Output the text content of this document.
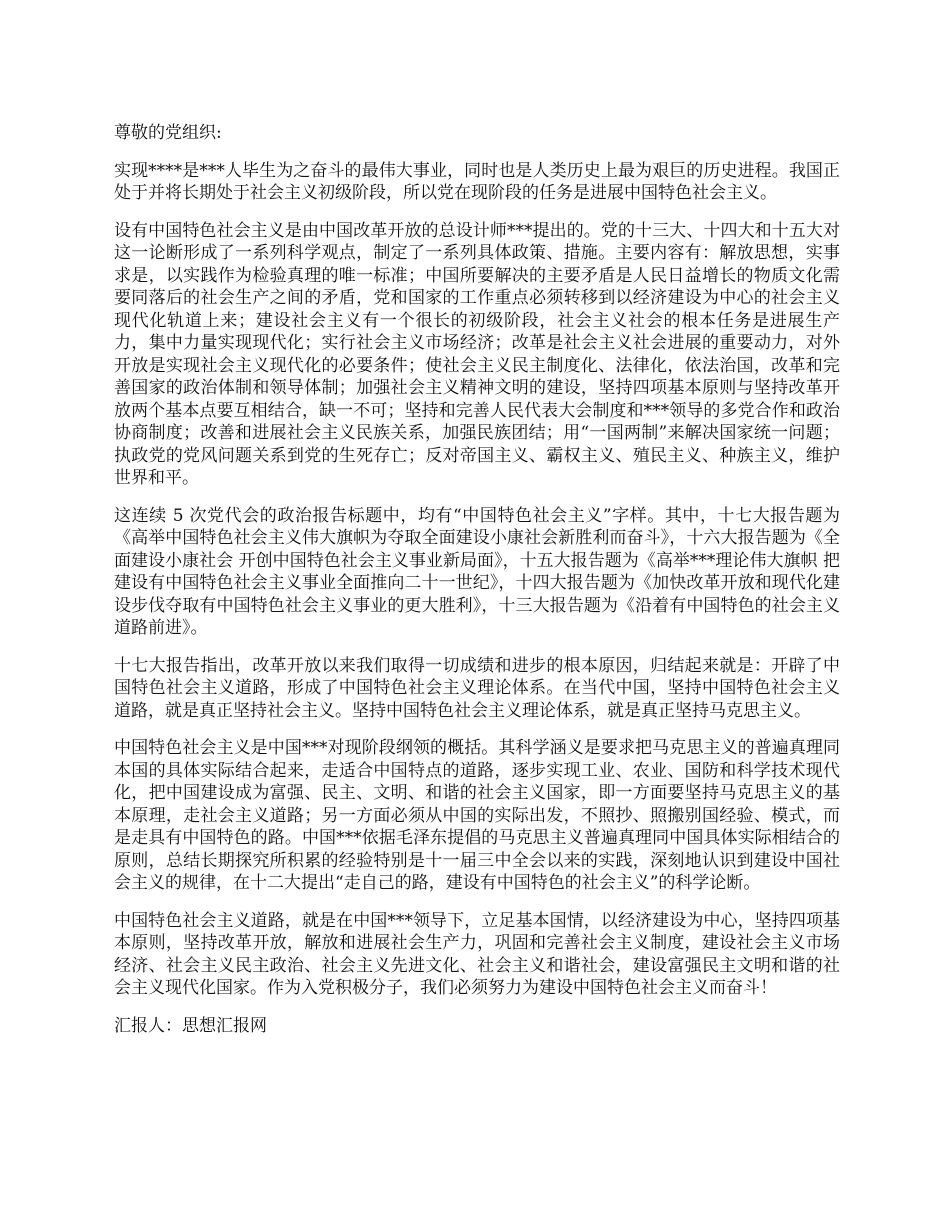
尊敬的党组织:

实现****是***人毕生为之奋斗的最伟大事业，同时也是人类历史上最为艰巨的历史进程。我国正处于并将长期处于社会主义初级阶段，所以党在现阶段的任务是进展中国特色社会主义。

设有中国特色社会主义是由中国改革开放的总设计师***提出的。党的十三大、十四大和十五大对这一论断形成了一系列科学观点，制定了一系列具体政策、措施。主要内容有：解放思想，实事求是，以实践作为检验真理的唯一标准；中国所要解决的主要矛盾是人民日益增长的物质文化需要同落后的社会生产之间的矛盾，党和国家的工作重点必须转移到以经济建设为中心的社会主义现代化轨道上来；建设社会主义有一个很长的初级阶段，社会主义社会的根本任务是进展生产力，集中力量实现现代化；实行社会主义市场经济；改革是社会主义社会进展的重要动力，对外开放是实现社会主义现代化的必要条件；使社会主义民主制度化、法律化，依法治国，改革和完善国家的政治体制和领导体制；加强社会主义精神文明的建设，坚持四项基本原则与坚持改革开放两个基本点要互相结合，缺一不可；坚持和完善人民代表大会制度和***领导的多党合作和政治协商制度；改善和进展社会主义民族关系，加强民族团结；用“一国两制”来解决国家统一问题；执政党的党风问题关系到党的生死存亡；反对帝国主义、霸权主义、殖民主义、种族主义，维护世界和平。

这连续 5 次党代会的政治报告标题中，均有“中国特色社会主义”字样。其中，十七大报告题为《高举中国特色社会主义伟大旗帜为夺取全面建设小康社会新胜利而奋斗》，十六大报告题为《全面建设小康社会 开创中国特色社会主义事业新局面》，十五大报告题为《高举***理论伟大旗帜 把建设有中国特色社会主义事业全面推向二十一世纪》，十四大报告题为《加快改革开放和现代化建设步伐夺取有中国特色社会主义事业的更大胜利》，十三大报告题为《沿着有中国特色的社会主义道路前进》。

十七大报告指出，改革开放以来我们取得一切成绩和进步的根本原因，归结起来就是：开辟了中国特色社会主义道路，形成了中国特色社会主义理论体系。在当代中国，坚持中国特色社会主义道路，就是真正坚持社会主义。坚持中国特色社会主义理论体系，就是真正坚持马克思主义。

中国特色社会主义是中国***对现阶段纲领的概括。其科学涵义是要求把马克思主义的普遍真理同本国的具体实际结合起来，走适合中国特点的道路，逐步实现工业、农业、国防和科学技术现代化，把中国建设成为富强、民主、文明、和谐的社会主义国家，即一方面要坚持马克思主义的基本原理，走社会主义道路；另一方面必须从中国的实际出发，不照抄、照搬别国经验、模式，而是走具有中国特色的路。中国***依据毛泽东提倡的马克思主义普遍真理同中国具体实际相结合的原则，总结长期探究所积累的经验特别是十一届三中全会以来的实践，深刻地认识到建设中国社会主义的规律，在十二大提出“走自己的路，建设有中国特色的社会主义”的科学论断。

中国特色社会主义道路，就是在中国***领导下，立足基本国情，以经济建设为中心，坚持四项基本原则，坚持改革开放，解放和进展社会生产力，巩固和完善社会主义制度，建设社会主义市场经济、社会主义民主政治、社会主义先进文化、社会主义和谐社会，建设富强民主文明和谐的社会主义现代化国家。作为入党积极分子，我们必须努力为建设中国特色社会主义而奋斗！

汇报人：思想汇报网
